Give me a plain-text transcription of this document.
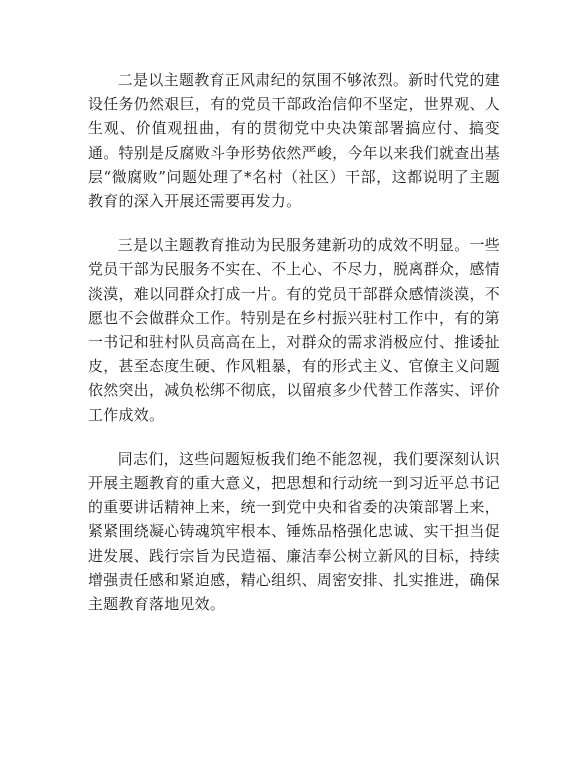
二是以主题教育正风肃纪的氛围不够浓烈。新时代党的建设任务仍然艰巨，有的党员干部政治信仰不坚定，世界观、人生观、价值观扭曲，有的贯彻党中央决策部署搞应付、搞变通。特别是反腐败斗争形势依然严峻，今年以来我们就查出基层“微腐败”问题处理了*名村（社区）干部，这都说明了主题教育的深入开展还需要再发力。

三是以主题教育推动为民服务建新功的成效不明显。一些党员干部为民服务不实在、不上心、不尽力，脱离群众，感情淡漠，难以同群众打成一片。有的党员干部群众感情淡漠，不愿也不会做群众工作。特别是在乡村振兴驻村工作中，有的第一书记和驻村队员高高在上，对群众的需求消极应付、推诿扯皮，甚至态度生硬、作风粗暴，有的形式主义、官僚主义问题依然突出，减负松绑不彻底，以留痕多少代替工作落实、评价工作成效。

同志们，这些问题短板我们绝不能忽视，我们要深刻认识开展主题教育的重大意义，把思想和行动统一到习近平总书记的重要讲话精神上来，统一到党中央和省委的决策部署上来，紧紧围绕凝心铸魂筑牢根本、锤炼品格强化忠诚、实干担当促进发展、践行宗旨为民造福、廉洁奉公树立新风的目标，持续增强责任感和紧迫感，精心组织、周密安排、扎实推进，确保主题教育落地见效。
